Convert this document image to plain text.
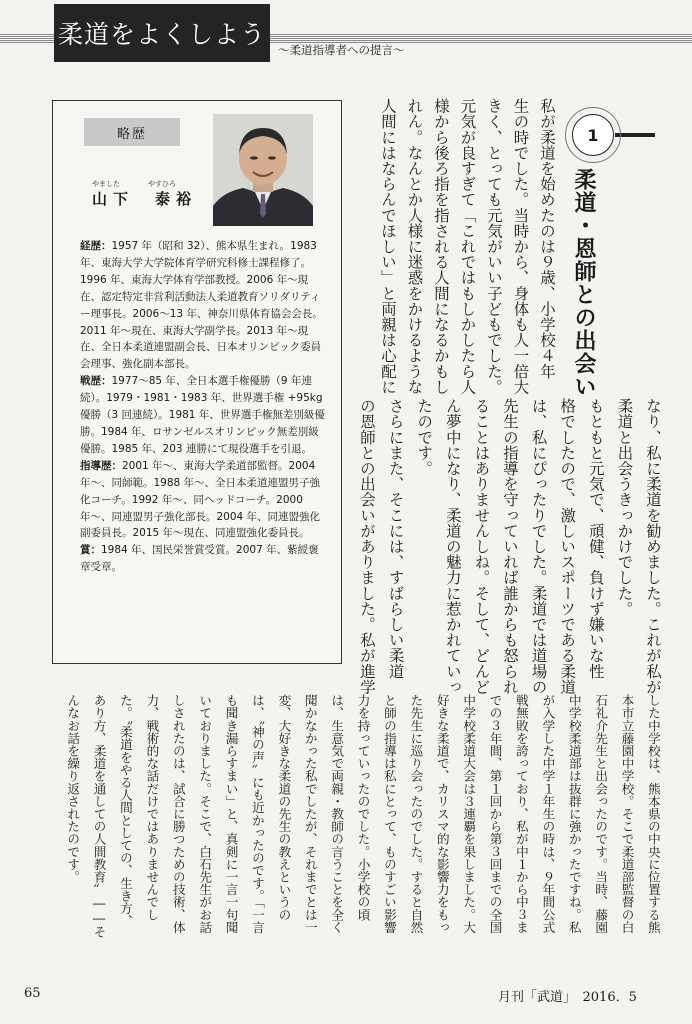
柔道をよくしよう
〜柔道指導者への提言〜
1
柔道・恩師との出会い
私が柔道を始めたのは９歳、小学校４年
生の時でした。当時から、身体も人一倍大
きく、とっても元気がいい子どもでした。
元気が良すぎて「これではもしかしたら人
様から後ろ指を指される人間になるかもし
れん。なんとか人様に迷惑をかけるような
人間にはならんでほしい」と両親は心配に
なり、私に柔道を勧めました。これが私が
柔道と出会うきっかけでした。
もともと元気で、頑健、負けず嫌いな性
格でしたので、激しいスポーツである柔道
は、私にぴったりでした。柔道では道場の
先生の指導を守っていれば誰からも怒られ
ることはありませんしね。そして、どんど
ん夢中になり、柔道の魅力に惹かれていっ
たのです。
さらにまた、そこには、すばらしい柔道
の恩師との出会いがありました。私が進学
した中学校は、熊本県の中央に位置する熊
本市立藤園中学校。そこで柔道部監督の白
石礼介先生と出会ったのです。当時、藤園
中学校柔道部は抜群に強かったですね。私
が入学した中学１年生の時は、９年間公式
戦無敗を誇っており、私が中１から中３ま
での３年間、第１回から第３回までの全国
中学校柔道大会は３連覇を果しました。大
好きな柔道で、カリスマ的な影響力をもっ
た先生に巡り会ったのでした。すると自然
と師の指導は私にとって、ものすごい影響
力を持っていったのでした。小学校の頃
は、生意気で両親・教師の言うことを全く
聞かなかった私でしたが、それまでとは一
変、大好きな柔道の先生の教えというの
は、〝神の声〟にも近かったのです。「一言
も聞き漏らすまい」と、真剣に一言一句聞
いておりました。そこで、白石先生がお話
しされたのは、試合に勝つための技術、体
力、戦術的な話だけではありませんでし
た。〝柔道をやる人間としての、生き方、
あり方、柔道を通しての人間教育〟――そ
んなお話を繰り返されたのです。
略歴
やました	やすひろ
山下　泰裕

経歴：1957 年（昭和 32）、熊本県生まれ。1983 年、東海大学大学院体育学研究科修士課程修了。1996 年、東海大学体育学部教授。2006 年〜現在、認定特定非営利活動法人柔道教育ソリダリティー理事長。2006〜13 年、神奈川県体育協会会長。2011 年〜現在、東海大学副学長。2013 年〜現在、全日本柔道連盟副会長、日本オリンピック委員会理事、強化副本部長。

戦歴：1977〜85 年、全日本選手権優勝（9 年連続）。1979・1981・1983 年、世界選手権 +95kg 優勝（3 回連続）。1981 年、世界選手権無差別級優勝。1984 年、ロサンゼルスオリンピック無差別級優勝。1985 年、203 連勝にて現役選手を引退。

指導歴：2001 年〜、東海大学柔道部監督。2004 年〜、同師範。1988 年〜、全日本柔道連盟男子強化コーチ。1992 年〜、同ヘッドコーチ。2000 年〜、同連盟男子強化部長。2004 年、同連盟強化副委員長。2015 年〜現在、同連盟強化委員長。

賞：1984 年、国民栄誉賞受賞。2007 年、紫綬褒章受章。

65	月刊「武道」　2016．5
